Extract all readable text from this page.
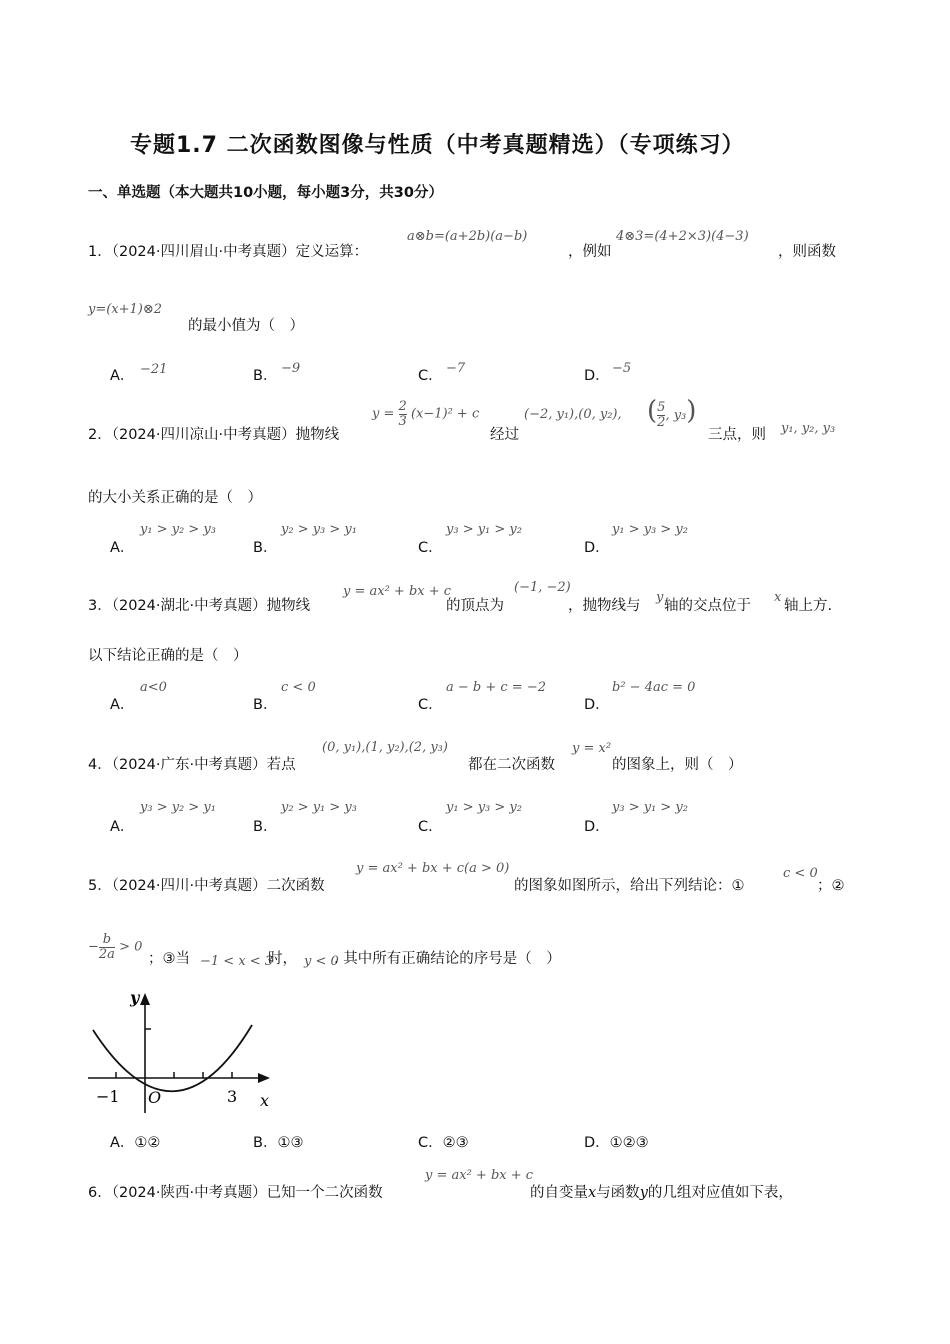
专题1.7 二次函数图像与性质（中考真题精选）（专项练习）
一、单选题（本大题共10小题，每小题3分，共30分）
1．（2024·四川眉山·中考真题）定义运算：
a⊗b=(a+2b)(a−b)
，例如
4⊗3=(4+2×3)(4−3)
，则函数
y=(x+1)⊗2
的最小值为（　）
A． −21	B． −9	C． −7	D． −5
2．（2024·四川凉山·中考真题）抛物线
$y = \frac{2}{3} (x-1)^2 + c$
经过
(−2, y₁),(0, y₂), ( $\frac{5}{2}$ , y₃)
三点，则 y₁, y₂, y₃
的大小关系正确的是（　）
A．
y₁ > y₂ > y₃
B．
y₂ > y₃ > y₁
C．
y₃ > y₁ > y₂
D．
y₁ > y₃ > y₂
3．（2024·湖北·中考真题）抛物线
y = ax² + bx + c
的顶点为
(−1, −2)
，抛物线与
y
轴的交点位于
x
轴上方.
以下结论正确的是（　）
A．
a<0
B．
c < 0
C．
a − b + c = −2
D．
b² − 4ac = 0
4．（2024·广东·中考真题）若点
(0, y₁),(1, y₂),(2, y₃)
都在二次函数
y = x²
的图象上，则（　）
A．
y₃ > y₂ > y₁
B．
y₂ > y₁ > y₃
C．
y₁ > y₃ > y₂
D．
y₃ > y₁ > y₂
5．（2024·四川·中考真题）二次函数
y = ax² + bx + c(a > 0)
的图象如图所示，给出下列结论：①
c < 0
；②
− $\frac{b}{2a} > 0$
；③当 −1 < x < 3
时， y < 0
. 其中所有正确结论的序号是（　）
y
x
O
−1	3
A．①②	B．①③	C．②③	D．①②③
6．（2024·陕西·中考真题）已知一个二次函数
y = ax² + bx + c
的自变量x与函数y的几组对应值如下表，
